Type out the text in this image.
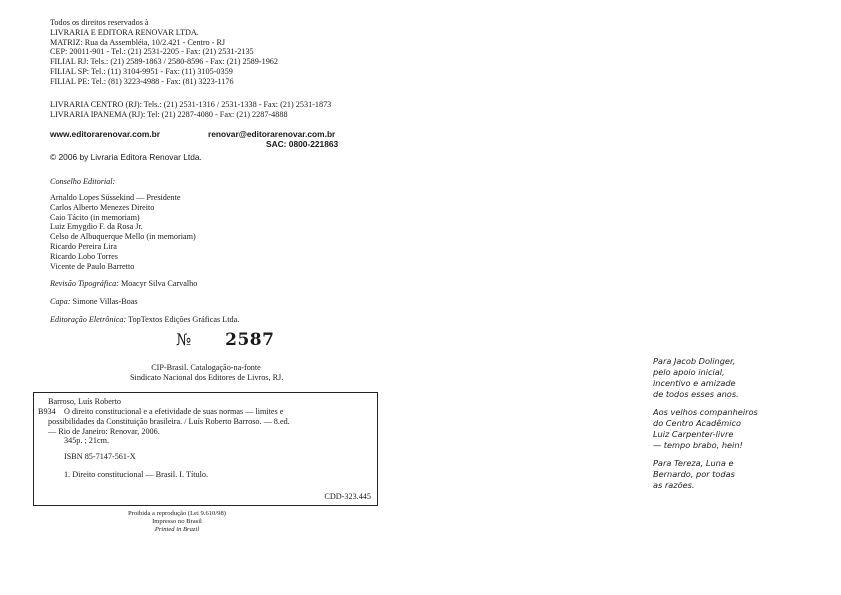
Todos os direitos reservados à
LIVRARIA E EDITORA RENOVAR LTDA.
MATRIZ: Rua da Assembléia, 10/2.421 - Centro - RJ
CEP: 20011-901 - Tel.: (21) 2531-2205 - Fax: (21) 2531-2135
FILIAL RJ: Tels.: (21) 2589-1863 / 2580-8596 - Fax: (21) 2589-1962
FILIAL SP: Tel.: (11) 3104-9951 - Fax: (11) 3105-0359
FILIAL PE: Tel.: (81) 3223-4988 - Fax: (81) 3223-1176
LIVRARIA CENTRO (RJ): Tels.: (21) 2531-1316 / 2531-1338 - Fax: (21) 2531-1873
LIVRARIA IPANEMA (RJ): Tel: (21) 2287-4080 - Fax: (21) 2287-4888
www.editorarenovar.com.br	renovar@editorarenovar.com.br
SAC: 0800-221863
© 2006 by Livraria Editora Renovar Ltda.
Conselho Editorial:
Arnaldo Lopes Süssekind — Presidente
Carlos Alberto Menezes Direito
Caio Tácito (in memoriam)
Luiz Emygdio F. da Rosa Jr.
Celso de Albuquerque Mello (in memoriam)
Ricardo Pereira Lira
Ricardo Lobo Torres
Vicente de Paulo Barretto
Revisão Tipográfica: Moacyr Silva Carvalho
Capa: Simone Villas-Boas
Editoração Eletrônica: TopTextos Edições Gráficas Ltda.
№ 2587
CIP-Brasil. Catalogação-na-fonte
Sindicato Nacional dos Editores de Livros, RJ.
Barroso, Luís Roberto
B934 O direito constitucional e a efetividade de suas normas — limites e
possibilidades da Constituição brasileira. / Luís Roberto Barroso. — 8.ed.
— Rio de Janeiro: Renovar, 2006.
345p. ; 21cm.
ISBN 85-7147-561-X
1. Direito constitucional — Brasil. I. Título.
CDD-323.445
Proibida a reprodução (Lei 9.610/98)
Impresso no Brasil
Printed in Brazil
Para Jacob Dolinger,
pelo apoio inicial,
incentivo e amizade
de todos esses anos.
Aos velhos companheiros
do Centro Acadêmico
Luiz Carpenter-livre
— tempo brabo, hein!
Para Tereza, Luna e
Bernardo, por todas
as razões.
